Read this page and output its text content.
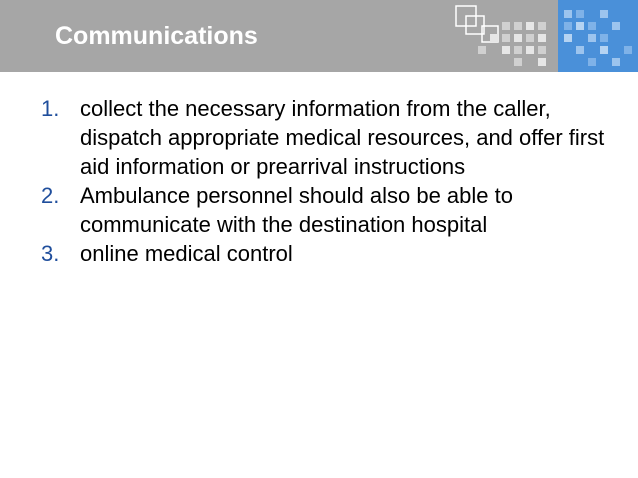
Communications
1. collect the necessary information from the caller, dispatch appropriate medical resources, and offer first aid information or prearrival instructions
2. Ambulance personnel should also be able to communicate with the destination hospital
3. online medical control
